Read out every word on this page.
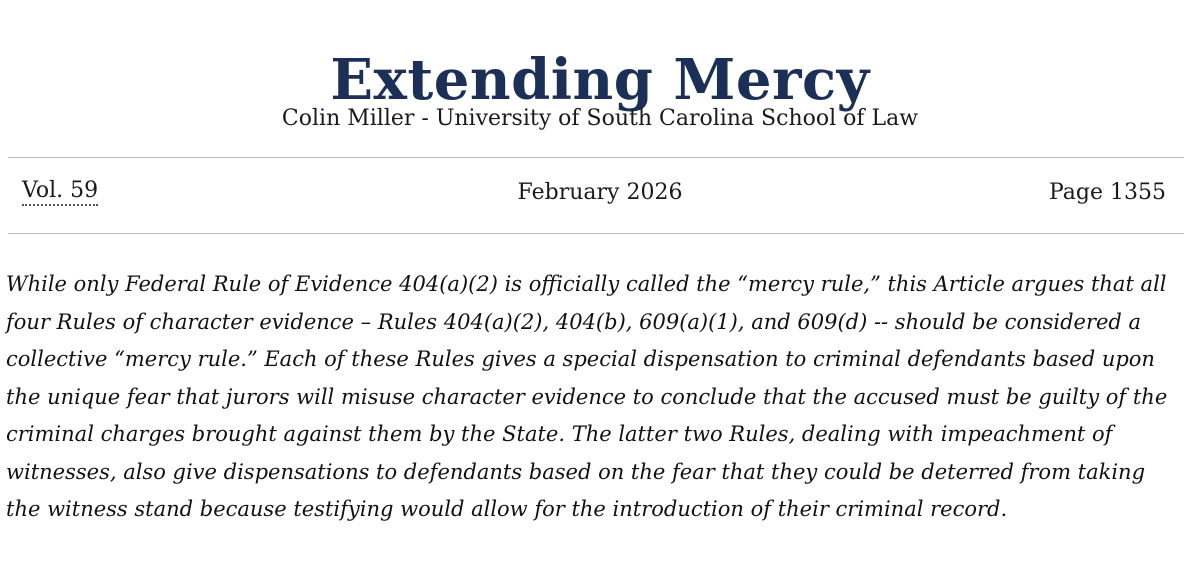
Extending Mercy
Colin Miller - University of South Carolina School of Law
Vol. 59	February 2026	Page 1355

While only Federal Rule of Evidence 404(a)(2) is officially called the “mercy rule,” this Article argues that all four Rules of character evidence – Rules 404(a)(2), 404(b), 609(a)(1), and 609(d) -- should be considered a collective “mercy rule.” Each of these Rules gives a special dispensation to criminal defendants based upon the unique fear that jurors will misuse character evidence to conclude that the accused must be guilty of the criminal charges brought against them by the State. The latter two Rules, dealing with impeachment of witnesses, also give dispensations to defendants based on the fear that they could be deterred from taking the witness stand because testifying would allow for the introduction of their criminal record.
